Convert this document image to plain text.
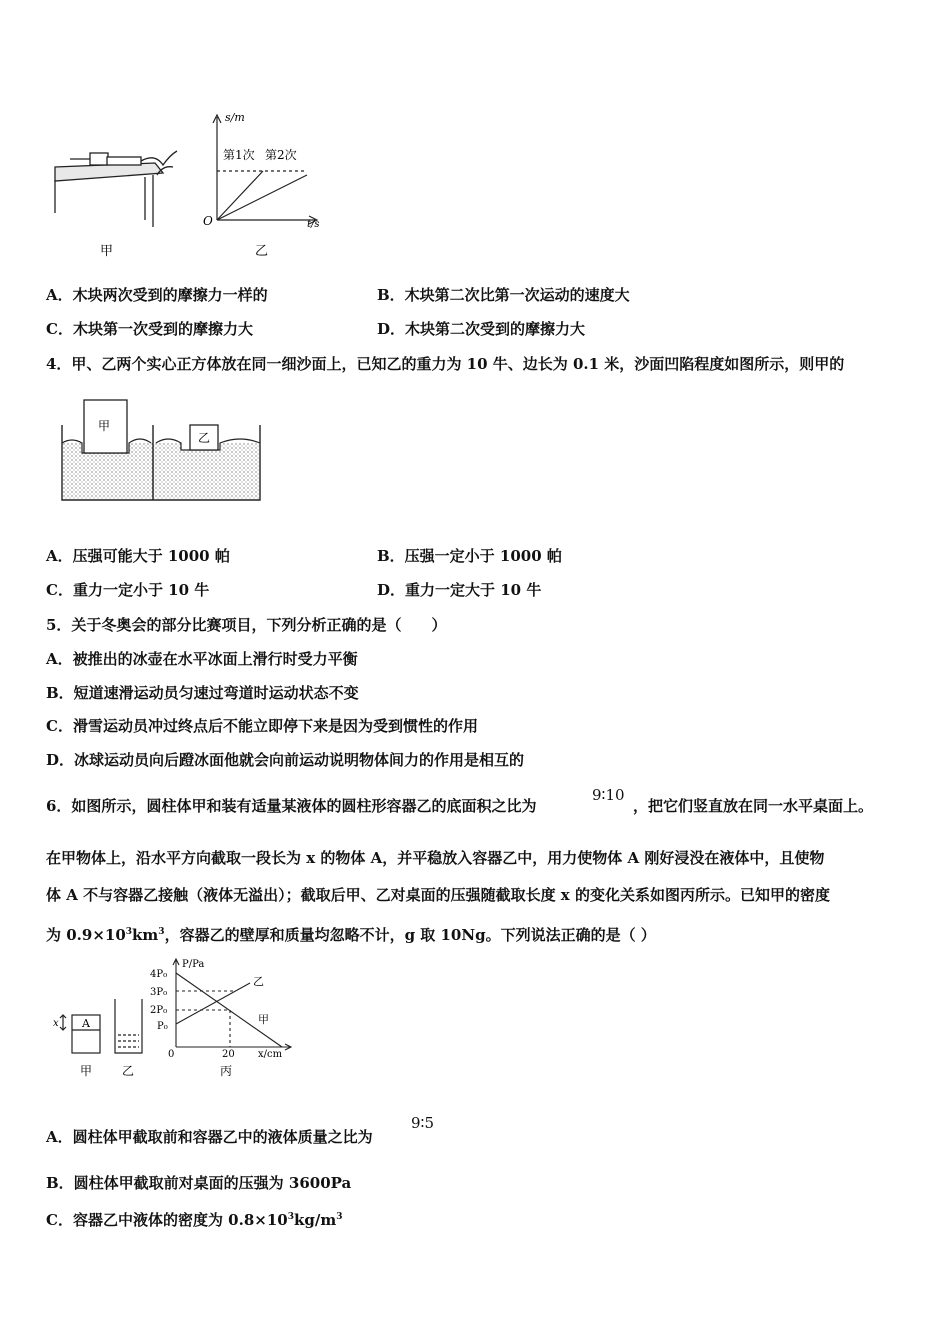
甲
s/m
第1次 第2次
O	t/s
乙
A．木块两次受到的摩擦力一样的	B．木块第二次比第一次运动的速度大
C．木块第一次受到的摩擦力大	D．木块第二次受到的摩擦力大
4．甲、乙两个实心正方体放在同一细沙面上，已知乙的重力为 10 牛、边长为 0.1 米，沙面凹陷程度如图所示，则甲的
甲
乙
A．压强可能大于 1000 帕	B．压强一定小于 1000 帕
C．重力一定小于 10 牛	D．重力一定大于 10 牛
5．关于冬奥会的部分比赛项目，下列分析正确的是（　　）
A．被推出的冰壶在水平冰面上滑行时受力平衡
B．短道速滑运动员匀速过弯道时运动状态不变
C．滑雪运动员冲过终点后不能立即停下来是因为受到惯性的作用
D．冰球运动员向后蹬冰面他就会向前运动说明物体间力的作用是相互的
6．如图所示，圆柱体甲和装有适量某液体的圆柱形容器乙的底面积之比为
9∶10
，把它们竖直放在同一水平桌面上。
在甲物体上，沿水平方向截取一段长为 x 的物体 A，并平稳放入容器乙中，用力使物体 A 刚好浸没在液体中，且使物
体 A 不与容器乙接触（液体无溢出）；截取后甲、乙对桌面的压强随截取长度 x 的变化关系如图丙所示。已知甲的密度
为 $0.9\times 10^3km^3$，容器乙的壁厚和质量均忽略不计，g 取 10Ng。下列说法正确的是（ ）
x A
甲 乙
P/Pa
4P₀
3P₀
2P₀
P₀
0	20 x/cm
乙
甲
丙
A．圆柱体甲截取前和容器乙中的液体质量之比为
9∶5
B．圆柱体甲截取前对桌面的压强为 3600Pa
C．容器乙中液体的密度为 $0.8\times 10^3kg/m^3$
